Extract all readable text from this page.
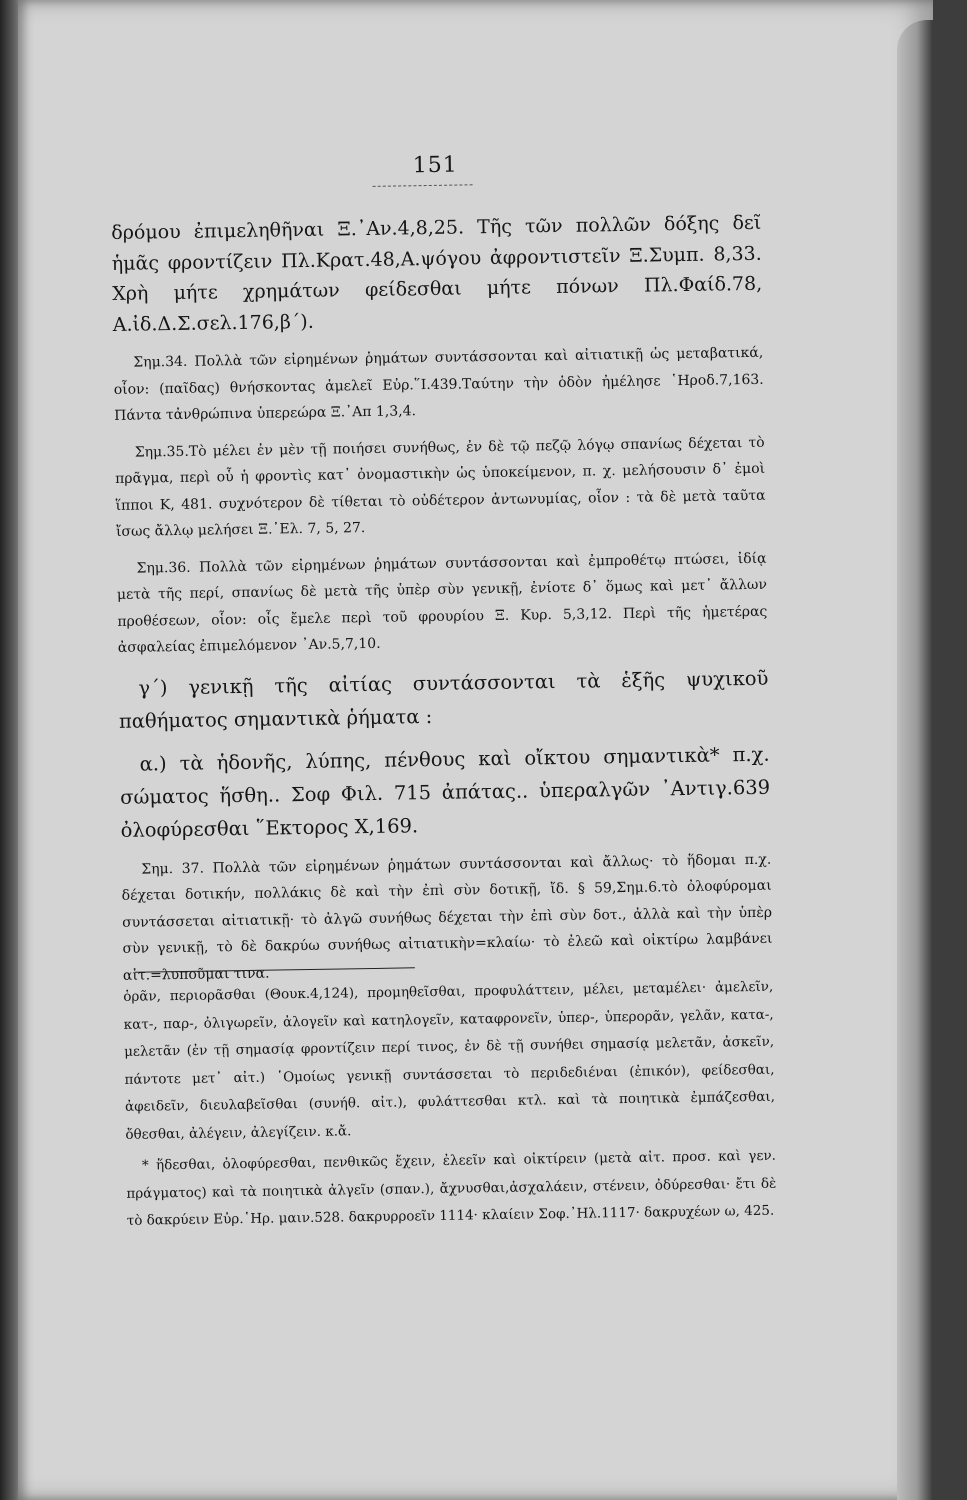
151

δρόμου ἐπιμεληθῆναι Ξ.᾿Αν.4,8,25. Τῆς τῶν πολλῶν δόξης δεῖ ἡμᾶς φροντίζειν Πλ.Κρατ.48,Α.ψόγου ἀφροντιστεῖν Ξ.Συμπ. 8,33. Χρὴ μήτε χρημάτων φείδεσθαι μήτε πόνων Πλ.Φαίδ.78,
Α.ἰδ.Δ.Σ.σελ.176,β΄).

Σημ.34. Πολλὰ τῶν εἰρημένων ῥημάτων συντάσσονται καὶ αἰτιατικῇ ὡς μεταβατικά, οἷον: (παῖδας) θνήσκοντας ἀμελεῖ Εὐρ.῞Ι.439.Ταύτην τὴν ὁδὸν ἠμέλησε ῾Ηροδ.7,163. Πάντα τἀνθρώπινα ὑπερεώρα Ξ.᾿Απ 1,3,4.

Σημ.35.Τὸ μέλει ἐν μὲν τῇ ποιήσει συνήθως, ἐν δὲ τῷ πεζῷ λόγῳ σπανίως δέχεται τὸ πρᾶγμα, περὶ οὗ ἡ φροντὶς κατ᾿ ὀνομαστικὴν ὡς ὑποκείμενον, π. χ. μελήσουσιν δ᾿ ἐμοὶ ἵπποι Κ, 481. συχνότερον δὲ τίθεται τὸ οὐδέτερον ἀντωνυμίας, οἷον : τὰ δὲ μετὰ ταῦτα ἴσως ἄλλῳ μελήσει Ξ.᾿Ελ. 7, 5, 27.

Σημ.36. Πολλὰ τῶν εἰρημένων ῥημάτων συντάσσονται καὶ ἐμπροθέτῳ πτώσει, ἰδίᾳ μετὰ τῆς περί, σπανίως δὲ μετὰ τῆς ὑπὲρ σὺν γενικῇ, ἐνίοτε δ᾿ ὅμως καὶ μετ᾿ ἄλλων προθέσεων, οἷον: οἷς ἔμελε περὶ τοῦ φρουρίου Ξ. Κυρ. 5,3,12. Περὶ τῆς ἡμετέρας ἀσφαλείας ἐπιμελόμενον ᾿Αν.5,7,10.

γ΄) γενικῇ τῆς αἰτίας συντάσσονται τὰ ἑξῆς ψυχικοῦ παθήματος σημαντικὰ ῥήματα :

α.) τὰ ἡδονῆς, λύπης, πένθους καὶ οἴκτου σημαντικὰ* π.χ. σώματος ἥσθη.. Σοφ Φιλ. 715 ἀπάτας.. ὑπεραλγῶν ᾿Αντιγ.639 ὀλοφύρεσθαι ῞Εκτορος Χ,169.

Σημ. 37. Πολλὰ τῶν εἰρημένων ῥημάτων συντάσσονται καὶ ἄλλως· τὸ ἥδομαι π.χ. δέχεται δοτικήν, πολλάκις δὲ καὶ τὴν ἐπὶ σὺν δοτικῇ, ἴδ. § 59,Σημ.6.τὸ ὀλοφύρομαι συντάσσεται αἰτιατικῇ· τὸ ἀλγῶ συνήθως δέχεται τὴν ἐπὶ σὺν δοτ., ἀλλὰ καὶ τὴν ὑπὲρ σὺν γενικῇ, τὸ δὲ δακρύω συνήθως αἰτιατικὴν=κλαίω· τὸ ἐλεῶ καὶ οἰκτίρω λαμβάνει αἰτ.=λυποῦμαι τινα.

ὁρᾶν, περιορᾶσθαι (Θουκ.4,124), προμηθεῖσθαι, προφυλάττειν, μέλει, μεταμέλει· ἀμελεῖν, κατ-, παρ-, ὀλιγωρεῖν, ἀλογεῖν καὶ κατηλογεῖν, καταφρονεῖν, ὑπερ-, ὑπερορᾶν, γελᾶν, κατα-, μελετᾶν (ἐν τῇ σημασίᾳ φροντίζειν περί τινος, ἐν δὲ τῇ συνήθει σημασίᾳ μελετᾶν, ἀσκεῖν, πάντοτε μετ᾿ αἰτ.) ῾Ομοίως γενικῇ συντάσσεται τὸ περιδεδιέναι (ἐπικόν), φείδεσθαι, ἀφειδεῖν, διευλαβεῖσθαι (συνήθ. αἰτ.), φυλάττεσθαι κτλ. καὶ τὰ ποιητικὰ ἐμπάζεσθαι, ὄθεσθαι, ἀλέγειν, ἀλεγίζειν. κ.ἄ.

* ἥδεσθαι, ὀλοφύρεσθαι, πενθικῶς ἔχειν, ἐλεεῖν καὶ οἰκτίρειν (μετὰ αἰτ. προσ. καὶ γεν. πράγματος) καὶ τὰ ποιητικὰ ἀλγεῖν (σπαν.), ἄχνυσθαι,ἀσχαλάειν, στένειν, ὀδύρεσθαι· ἔτι δὲ τὸ δακρύειν Εὐρ.῾Ηρ. μαιν.528. δακρυρροεῖν 1114· κλαίειν Σοφ.᾿Ηλ.1117· δακρυχέων ω, 425.
